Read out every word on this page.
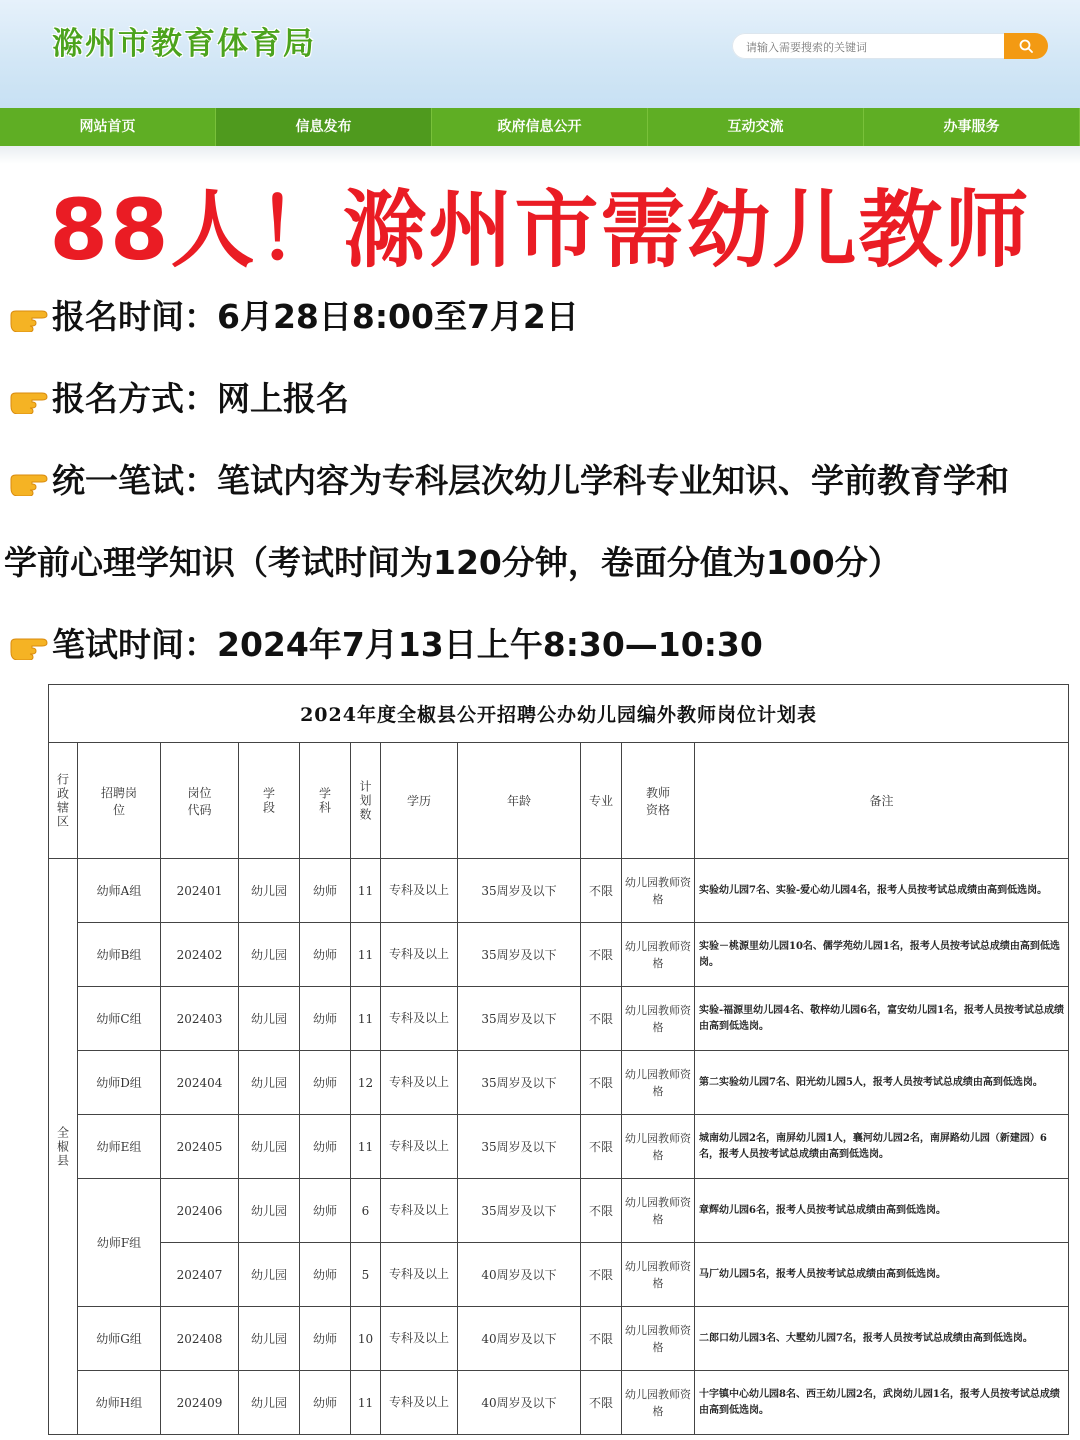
滁州市教育体育局
请输入需要搜索的关键词
网站首页	信息发布	政府信息公开	互动交流	办事服务
88人！滁州市需幼儿教师
报名时间：6月28日8:00至7月2日
报名方式：网上报名
统一笔试：笔试内容为专科层次幼儿学科专业知识、学前教育学和
学前心理学知识（考试时间为120分钟，卷面分值为100分）
笔试时间：2024年7月13日上午8:30—10:30
2024年度全椒县公开招聘公办幼儿园编外教师岗位计划表										

行政辖区	招聘岗位	岗位代码	学段	学科	计划数	学历	年龄	专业	教师资格	备注

全椒县	幼师A组	202401	幼儿园	幼师	11	专科及以上	35周岁及以下	不限	幼儿园教师资格	实验幼儿园7名、实验-爱心幼儿园4名，报考人员按考试总成绩由高到低选岗。
	幼师B组	202402	幼儿园	幼师	11	专科及以上	35周岁及以下	不限	幼儿园教师资格	实验－桃源里幼儿园10名、儒学苑幼儿园1名，报考人员按考试总成绩由高到低选岗。
	幼师C组	202403	幼儿园	幼师	11	专科及以上	35周岁及以下	不限	幼儿园教师资格	实验-福源里幼儿园4名、敬梓幼儿园6名，富安幼儿园1名，报考人员按考试总成绩由高到低选岗。
	幼师D组	202404	幼儿园	幼师	12	专科及以上	35周岁及以下	不限	幼儿园教师资格	第二实验幼儿园7名、阳光幼儿园5人，报考人员按考试总成绩由高到低选岗。
	幼师E组	202405	幼儿园	幼师	11	专科及以上	35周岁及以下	不限	幼儿园教师资格	城南幼儿园2名，南屏幼儿园1人，襄河幼儿园2名，南屏路幼儿园（新建园）6名，报考人员按考试总成绩由高到低选岗。
	幼师F组	202406	幼儿园	幼师	6	专科及以上	35周岁及以下	不限	幼儿园教师资格	章辉幼儿园6名，报考人员按考试总成绩由高到低选岗。
		202407	幼儿园	幼师	5	专科及以上	40周岁及以下	不限	幼儿园教师资格	马厂幼儿园5名，报考人员按考试总成绩由高到低选岗。
	幼师G组	202408	幼儿园	幼师	10	专科及以上	40周岁及以下	不限	幼儿园教师资格	二郎口幼儿园3名、大墅幼儿园7名，报考人员按考试总成绩由高到低选岗。
	幼师H组	202409	幼儿园	幼师	11	专科及以上	40周岁及以下	不限	幼儿园教师资格	十字镇中心幼儿园8名、西王幼儿园2名，武岗幼儿园1名，报考人员按考试总成绩由高到低选岗。
